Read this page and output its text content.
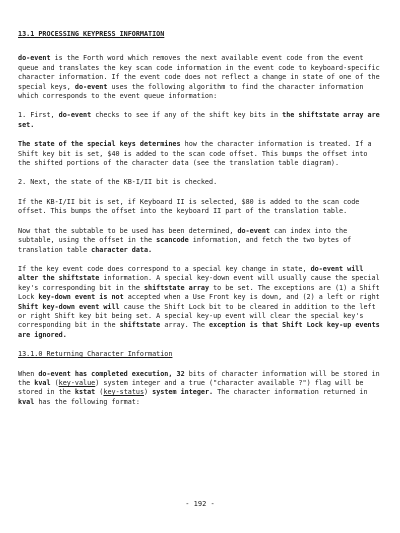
13.1 PROCESSING KEYPRESS INFORMATION

do-event is the Forth word which removes the next available event code from the event queue and translates the key scan code information in the event code to keyboard-specific character information. If the event code does not reflect a change in state of one of the special keys, do-event uses the following algorithm to find the character information which corresponds to the event queue information:

1. First, do-event checks to see if any of the shift key bits in the shiftstate array are set.

The state of the special keys determines how the character information is treated. If a Shift key bit is set, $40 is added to the scan code offset. This bumps the offset into the shifted portions of the character data (see the translation table diagram).

2. Next, the state of the KB-I/II bit is checked.

If the KB-I/II bit is set, if Keyboard II is selected, $80 is added to the scan code offset. This bumps the offset into the keyboard II part of the translation table.

Now that the subtable to be used has been determined, do-event can index into the subtable, using the offset in the scancode information, and fetch the two bytes of translation table character data.

If the key event code does correspond to a special key change in state, do-event will alter the shiftstate information. A special key-down event will usually cause the special key's corresponding bit in the shiftstate array to be set. The exceptions are (1) a Shift Lock key-down event is not accepted when a Use Front key is down, and (2) a left or right Shift key-down event will cause the Shift Lock bit to be cleared in addition to the left or right Shift key bit being set. A special key-up event will clear the special key's corresponding bit in the shiftstate array. The exception is that Shift Lock key-up events are ignored.

13.1.0 Returning Character Information

When do-event has completed execution, 32 bits of character information will be stored in the kval (key-value) system integer and a true ("character available ?") flag will be stored in the kstat (key-status) system integer. The character information returned in kval has the following format:

- 192 -
